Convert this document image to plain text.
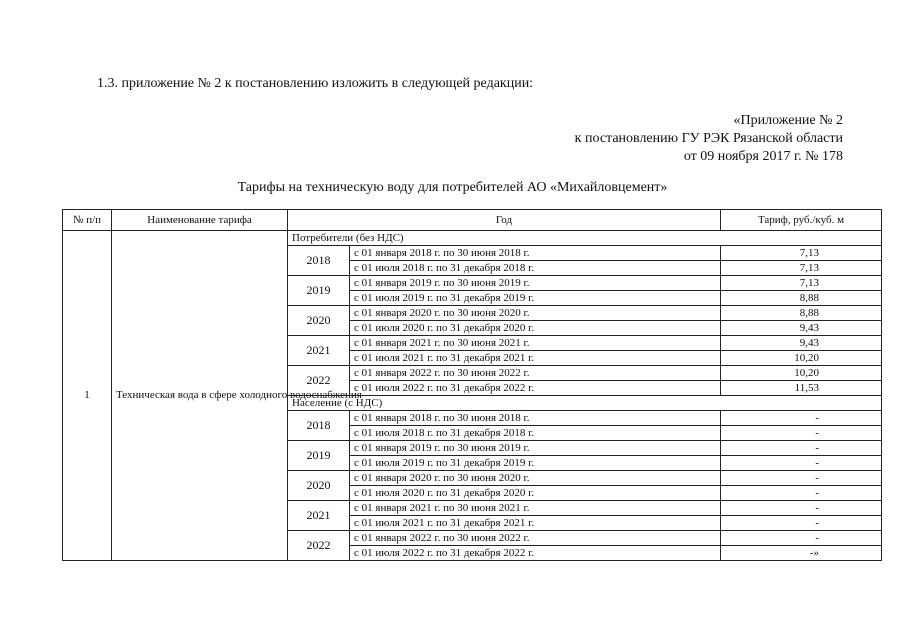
1.3. приложение № 2 к постановлению изложить в следующей редакции:
«Приложение № 2
к постановлению ГУ РЭК Рязанской области
от 09 ноября 2017 г. № 178
Тарифы на техническую воду для потребителей АО «Михайловцемент»
№ п/п	Наименование тарифа	Год		Тариф, руб./куб. м
1	Техническая вода в сфере холодного водоснабжения	Потребители (без НДС)		
		2018	с 01 января 2018 г. по 30 июня 2018 г.	7,13
			с 01 июля 2018 г. по 31 декабря 2018 г.	7,13
		2019	с 01 января 2019 г. по 30 июня 2019 г.	7,13
			с 01 июля 2019 г. по 31 декабря 2019 г.	8,88
		2020	с 01 января 2020 г. по 30 июня 2020 г.	8,88
			с 01 июля 2020 г. по 31 декабря 2020 г.	9,43
		2021	с 01 января 2021 г. по 30 июня 2021 г.	9,43
			с 01 июля 2021 г. по 31 декабря 2021 г.	10,20
		2022	с 01 января 2022 г. по 30 июня 2022 г.	10,20
			с 01 июля 2022 г. по 31 декабря 2022 г.	11,53
		Население (с НДС)		
		2018	с 01 января 2018 г. по 30 июня 2018 г.	-
			с 01 июля 2018 г. по 31 декабря 2018 г.	-
		2019	с 01 января 2019 г. по 30 июня 2019 г.	-
			с 01 июля 2019 г. по 31 декабря 2019 г.	-
		2020	с 01 января 2020 г. по 30 июня 2020 г.	-
			с 01 июля 2020 г. по 31 декабря 2020 г.	-
		2021	с 01 января 2021 г. по 30 июня 2021 г.	-
			с 01 июля 2021 г. по 31 декабря 2021 г.	-
		2022	с 01 января 2022 г. по 30 июня 2022 г.	-
			с 01 июля 2022 г. по 31 декабря 2022 г.	-»
